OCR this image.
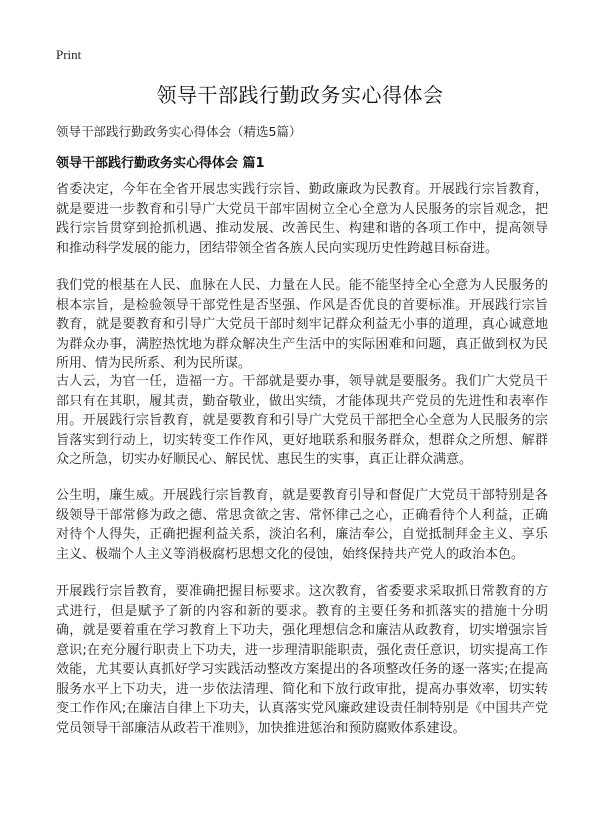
Print
领导干部践行勤政务实心得体会

领导干部践行勤政务实心得体会（精选5篇）

领导干部践行勤政务实心得体会 篇1

省委决定，今年在全省开展忠实践行宗旨、勤政廉政为民教育。开展践行宗旨教育，就是要进一步教育和引导广大党员干部牢固树立全心全意为人民服务的宗旨观念，把践行宗旨贯穿到抢抓机遇、推动发展、改善民生、构建和谐的各项工作中，提高领导和推动科学发展的能力，团结带领全省各族人民向实现历史性跨越目标奋进。

我们党的根基在人民、血脉在人民、力量在人民。能不能坚持全心全意为人民服务的根本宗旨，是检验领导干部党性是否坚强、作风是否优良的首要标准。开展践行宗旨教育，就是要教育和引导广大党员干部时刻牢记群众利益无小事的道理，真心诚意地为群众办事，满腔热忱地为群众解决生产生活中的实际困难和问题，真正做到权为民所用、情为民所系、利为民所谋。

古人云，为官一任，造福一方。干部就是要办事，领导就是要服务。我们广大党员干部只有在其职，履其责，勤奋敬业，做出实绩，才能体现共产党员的先进性和表率作用。开展践行宗旨教育，就是要教育和引导广大党员干部把全心全意为人民服务的宗旨落实到行动上，切实转变工作作风，更好地联系和服务群众，想群众之所想、解群众之所急，切实办好顺民心、解民忧、惠民生的实事，真正让群众满意。

公生明，廉生威。开展践行宗旨教育，就是要教育引导和督促广大党员干部特别是各级领导干部常修为政之德、常思贪欲之害、常怀律己之心，正确看待个人利益，正确对待个人得失，正确把握利益关系，淡泊名利，廉洁奉公，自觉抵制拜金主义、享乐主义、极端个人主义等消极腐朽思想文化的侵蚀，始终保持共产党人的政治本色。

开展践行宗旨教育，要准确把握目标要求。这次教育，省委要求采取抓日常教育的方式进行，但是赋予了新的内容和新的要求。教育的主要任务和抓落实的措施十分明确，就是要着重在学习教育上下功夫，强化理想信念和廉洁从政教育，切实增强宗旨意识;在充分履行职责上下功夫，进一步理清职能职责，强化责任意识，切实提高工作效能，尤其要认真抓好学习实践活动整改方案提出的各项整改任务的逐一落实;在提高服务水平上下功夫，进一步依法清理、简化和下放行政审批，提高办事效率，切实转变工作作风;在廉洁自律上下功夫，认真落实党风廉政建设责任制特别是《中国共产党党员领导干部廉洁从政若干准则》，加快推进惩治和预防腐败体系建设。
